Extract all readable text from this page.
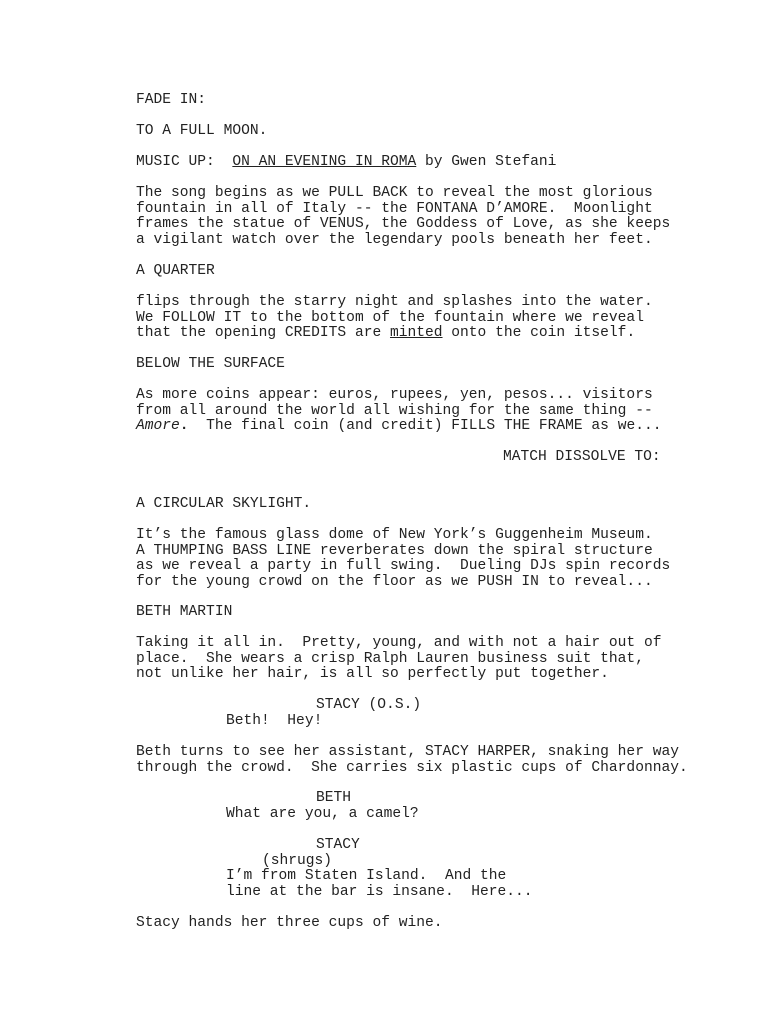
FADE IN:
TO A FULL MOON.
MUSIC UP:  ON AN EVENING IN ROMA by Gwen Stefani
The song begins as we PULL BACK to reveal the most glorious
fountain in all of Italy -- the FONTANA D’AMORE.  Moonlight
frames the statue of VENUS, the Goddess of Love, as she keeps
a vigilant watch over the legendary pools beneath her feet.
A QUARTER
flips through the starry night and splashes into the water.
We FOLLOW IT to the bottom of the fountain where we reveal
that the opening CREDITS are minted onto the coin itself.
BELOW THE SURFACE
As more coins appear: euros, rupees, yen, pesos... visitors
from all around the world all wishing for the same thing --
Amore.  The final coin (and credit) FILLS THE FRAME as we...
MATCH DISSOLVE TO:
A CIRCULAR SKYLIGHT.
It’s the famous glass dome of New York’s Guggenheim Museum.
A THUMPING BASS LINE reverberates down the spiral structure
as we reveal a party in full swing.  Dueling DJs spin records
for the young crowd on the floor as we PUSH IN to reveal...
BETH MARTIN
Taking it all in.  Pretty, young, and with not a hair out of
place.  She wears a crisp Ralph Lauren business suit that,
not unlike her hair, is all so perfectly put together.
STACY (O.S.)
Beth!  Hey!
Beth turns to see her assistant, STACY HARPER, snaking her way
through the crowd.  She carries six plastic cups of Chardonnay.
BETH
What are you, a camel?
STACY
(shrugs)
I’m from Staten Island.  And the
line at the bar is insane.  Here...
Stacy hands her three cups of wine.
